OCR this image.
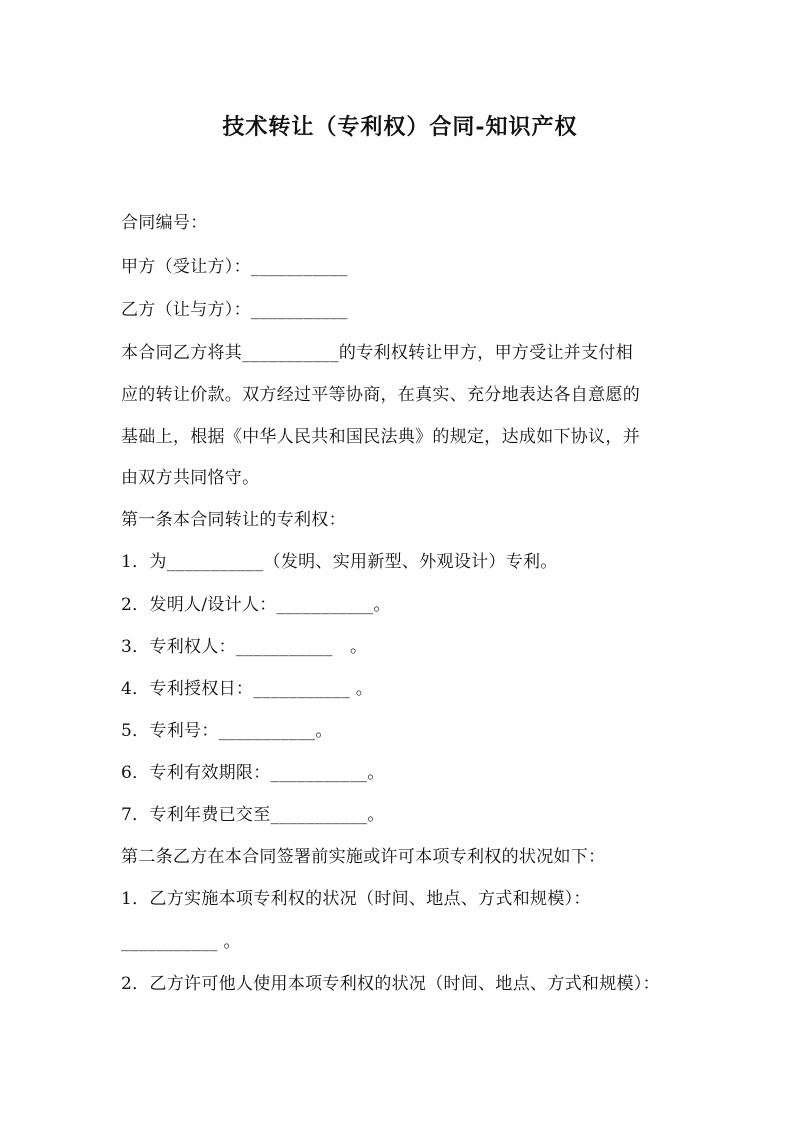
技术转让（专利权）合同-知识产权
合同编号：
甲方（受让方）：___________
乙方（让与方）：___________
本合同乙方将其___________的专利权转让甲方，甲方受让并支付相
应的转让价款。双方经过平等协商，在真实、充分地表达各自意愿的
基础上，根据《中华人民共和国民法典》的规定，达成如下协议，并
由双方共同恪守。
第一条本合同转让的专利权：
1．为___________（发明、实用新型、外观设计）专利。
2．发明人/设计人：___________。
3．专利权人：___________　。
4．专利授权日：___________ 。
5．专利号：___________。
6．专利有效期限：___________。
7．专利年费已交至___________。
第二条乙方在本合同签署前实施或许可本项专利权的状况如下：
1．乙方实施本项专利权的状况（时间、地点、方式和规模）：
___________ 。
2．乙方许可他人使用本项专利权的状况（时间、地点、方式和规模）：
